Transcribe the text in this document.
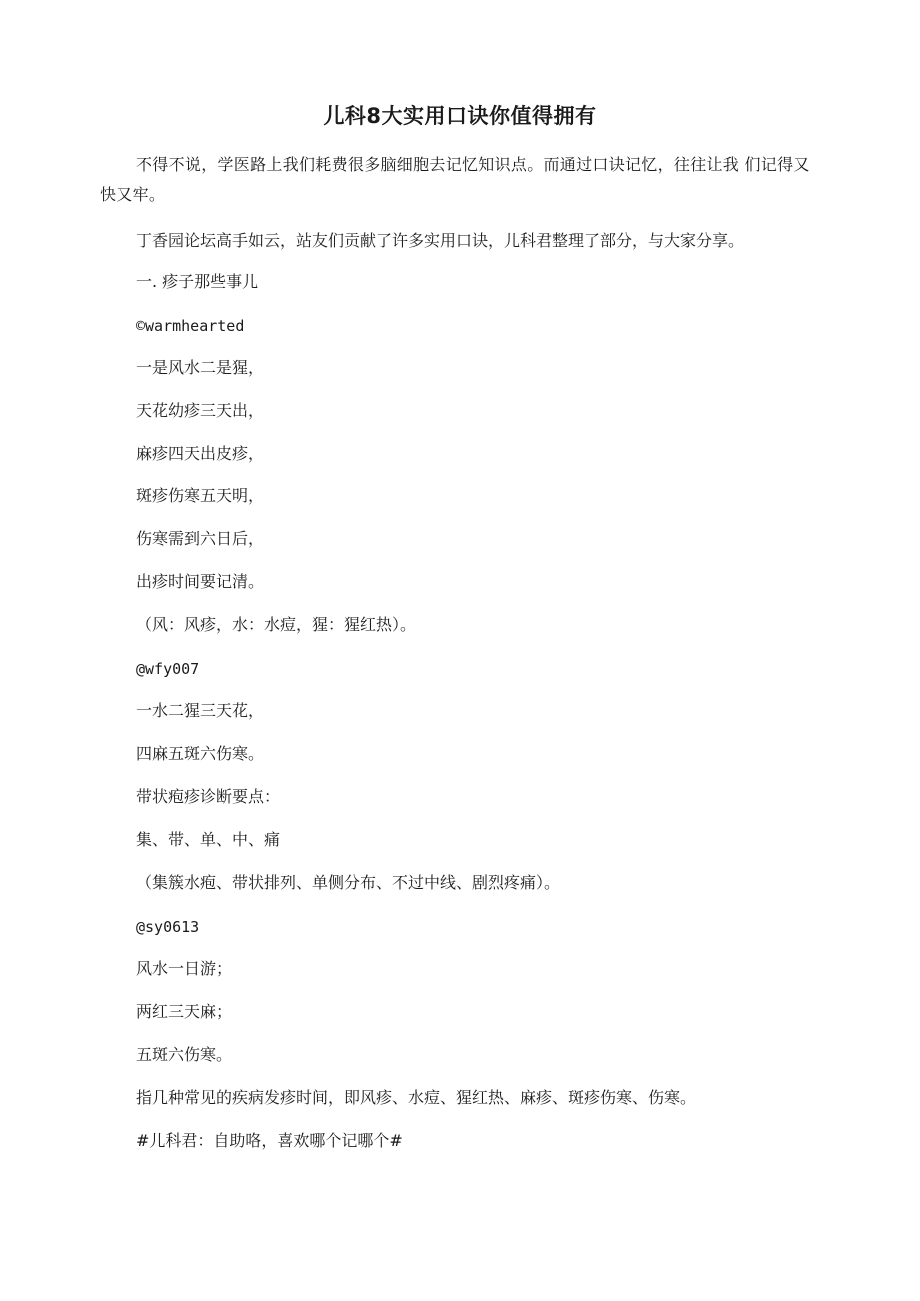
儿科8大实用口诀你值得拥有
不得不说，学医路上我们耗费很多脑细胞去记忆知识点。而通过口诀记忆，往往让我 们记得又快又牢。
丁香园论坛高手如云，站友们贡献了许多实用口诀，儿科君整理了部分，与大家分享。
一. 疹子那些事儿
©warmhearted
一是风水二是猩，
天花幼疹三天出，
麻疹四天出皮疹，
斑疹伤寒五天明，
伤寒需到六日后，
出疹时间要记清。
（风：风疹，水：水痘，猩：猩红热）。
@wfy007
一水二猩三天花，
四麻五斑六伤寒。
带状疱疹诊断要点：
集、带、单、中、痛
（集簇水疱、带状排列、单侧分布、不过中线、剧烈疼痛）。
@sy0613
风水一日游；
两红三天麻；
五斑六伤寒。
指几种常见的疾病发疹时间，即风疹、水痘、猩红热、麻疹、斑疹伤寒、伤寒。
#儿科君：自助咯，喜欢哪个记哪个#
